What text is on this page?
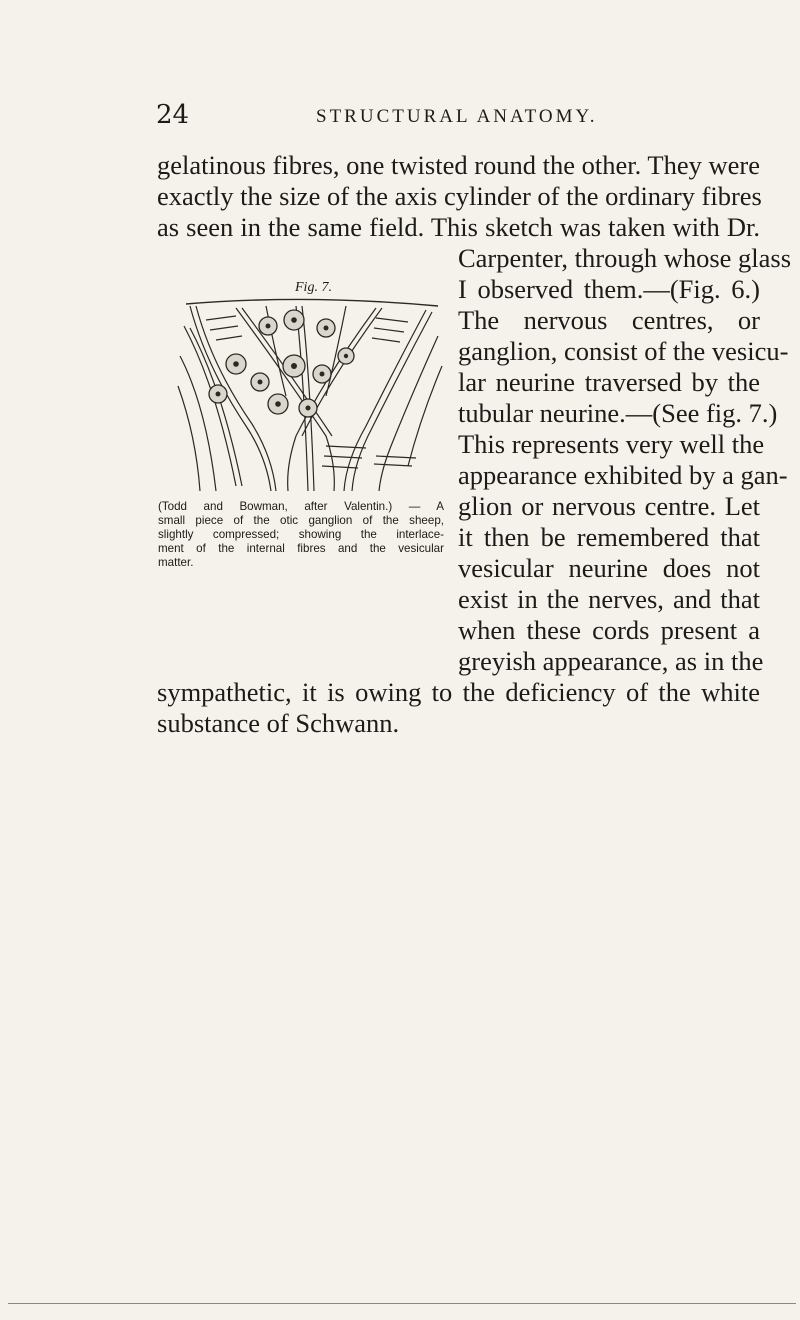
24	STRUCTURAL ANATOMY.

gelatinous fibres, one twisted round the other. They were

exactly the size of the axis cylinder of the ordinary fibres

as seen in the same field. This sketch was taken with Dr.

Carpenter, through whose glass

I observed them.—(Fig. 6.)

The nervous centres, or

ganglion, consist of the vesicu-

lar neurine traversed by the

tubular neurine.—(See fig. 7.)

This represents very well the

appearance exhibited by a gan-

glion or nervous centre. Let

it then be remembered that

vesicular neurine does not

exist in the nerves, and that

when these cords present a

greyish appearance, as in the

sympathetic, it is owing to the deficiency of the white

substance of Schwann.

Fig. 7.

(Todd and Bowman, after Valentin.) — A

small piece of the otic ganglion of the sheep,

slightly compressed; showing the interlace-

ment of the internal fibres and the vesicular

matter.
